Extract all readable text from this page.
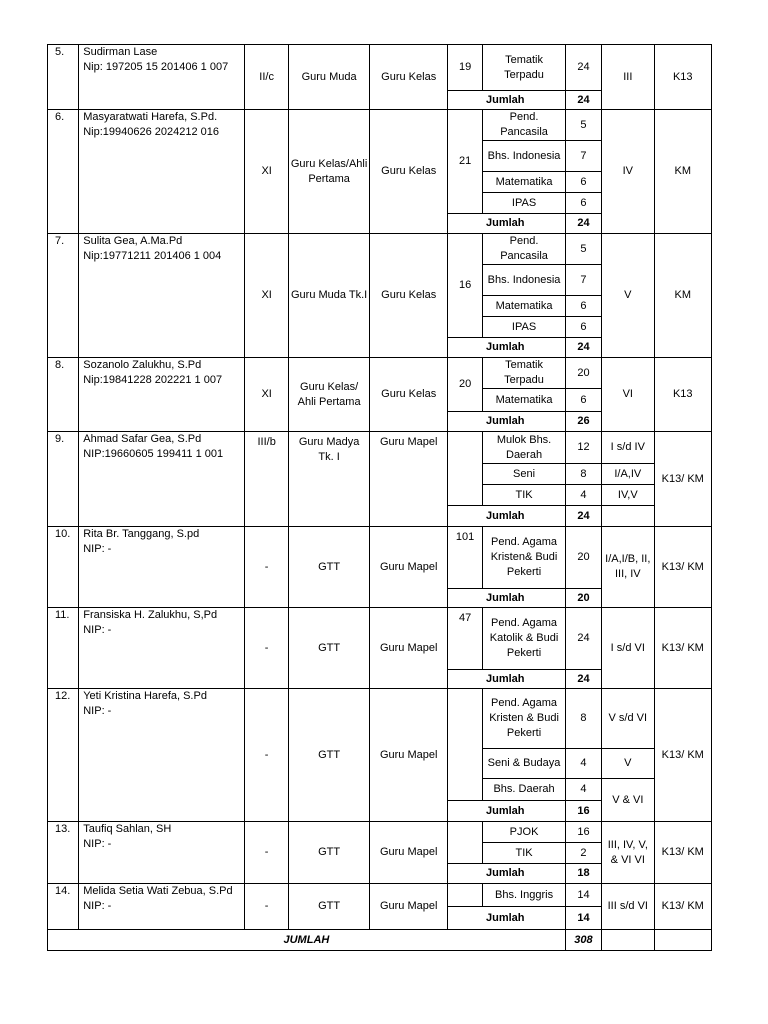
5.	Sudirman Lase
Nip: 197205 15 201406 1 007	II/c	Guru Muda	Guru Kelas	19	Tematik Terpadu	24	III	K13
					Jumlah		24		
6.	Masyaratwati Harefa, S.Pd.
Nip:19940626 2024212 016	XI	Guru Kelas/Ahli Pertama	Guru Kelas	21	Pend. Pancasila	5	IV	KM
						Bhs. Indonesia	7		
						Matematika	6		
						IPAS	6		
					Jumlah		24		
7.	Sulita Gea, A.Ma.Pd
Nip:19771211 201406 1 004	XI	Guru Muda Tk.I	Guru Kelas	16	Pend. Pancasila	5	V	KM
						Bhs. Indonesia	7		
						Matematika	6		
						IPAS	6		
					Jumlah		24		
8.	Sozanolo Zalukhu, S.Pd
Nip:19841228 202221 1 007	XI	Guru Kelas/ Ahli Pertama	Guru Kelas	20	Tematik Terpadu	20	VI	K13
						Matematika	6		
					Jumlah		26		
9.	Ahmad Safar Gea, S.Pd
NIP:19660605 199411 1 001	III/b	Guru Madya Tk. I	Guru Mapel		Mulok Bhs. Daerah	12	I s/d IV	K13/ KM
						Seni	8	I/A,IV	
						TIK	4	IV,V	
					Jumlah		24		
10.	Rita Br. Tanggang, S.pd
NIP: -	-	GTT	Guru Mapel	101	Pend. Agama Kristen& Budi Pekerti	20	I/A,I/B, II, III, IV	K13/ KM
					Jumlah		20		
11.	Fransiska H. Zalukhu, S,Pd
NIP: -	-	GTT	Guru Mapel	47	Pend. Agama Katolik & Budi Pekerti	24	I s/d VI	K13/ KM
					Jumlah		24		
12.	Yeti Kristina Harefa, S.Pd
NIP: -	-	GTT	Guru Mapel		Pend. Agama Kristen & Budi Pekerti	8	V s/d VI	K13/ KM
						Seni & Budaya	4	V	
						Bhs. Daerah	4	V & VI	
					Jumlah		16		
13.	Taufiq Sahlan, SH
NIP: -	-	GTT	Guru Mapel		PJOK	16	III, IV, V, & VI VI	K13/ KM
						TIK	2		
					Jumlah		18		
14.	Melida Setia Wati Zebua, S.Pd
NIP: -	-	GTT	Guru Mapel		Bhs. Inggris	14	III s/d VI	K13/ KM
					Jumlah		14		
JUMLAH							308		
